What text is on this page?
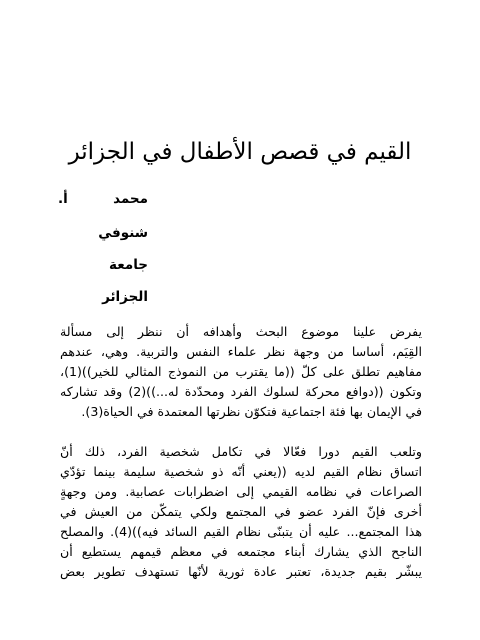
القيم في قصص الأطفال في الجزائر
محمد
أ.
شنوفي
جامعة
الجزائر

يفرض علينا موضوع البحث وأهدافه أن ننظر إلى مسألة
القِيَم، أساسا من وجهة نظر علماء النفس والتربية. وهي، عندهم
مفاهيم تطلق على كلّ ((ما يقترب من النموذج المثالي للخير))(1)،
وتكون ((دوافع محركة لسلوك الفرد ومحدّدة له...))(2) وقد تشاركه
في الإيمان بها فئة اجتماعية فتكوّن نظرتها المعتمدة في الحياة(3).

وتلعب القيم دورا فعّالا في تكامل شخصية الفرد، ذلك أنّ
اتساق نظام القيم لديه ((يعني أنّه ذو شخصية سليمة بينما تؤدّي
الصراعات في نظامه القيمي إلى اضطرابات عصابية. ومن وجهةٍ
أخرى فإنّ الفرد عضو في المجتمع ولكي يتمكّن من العيش في
هذا المجتمع... عليه أن يتبنّى نظام القيم السائد فيه))(4). والمصلح
الناجح الذي يشارك أبناء مجتمعه في معظم قيمهم يستطيع أن
يبشّر بقيم جديدة، تعتبر عادة ثورية لأنّها تستهدف تطوير بعض
